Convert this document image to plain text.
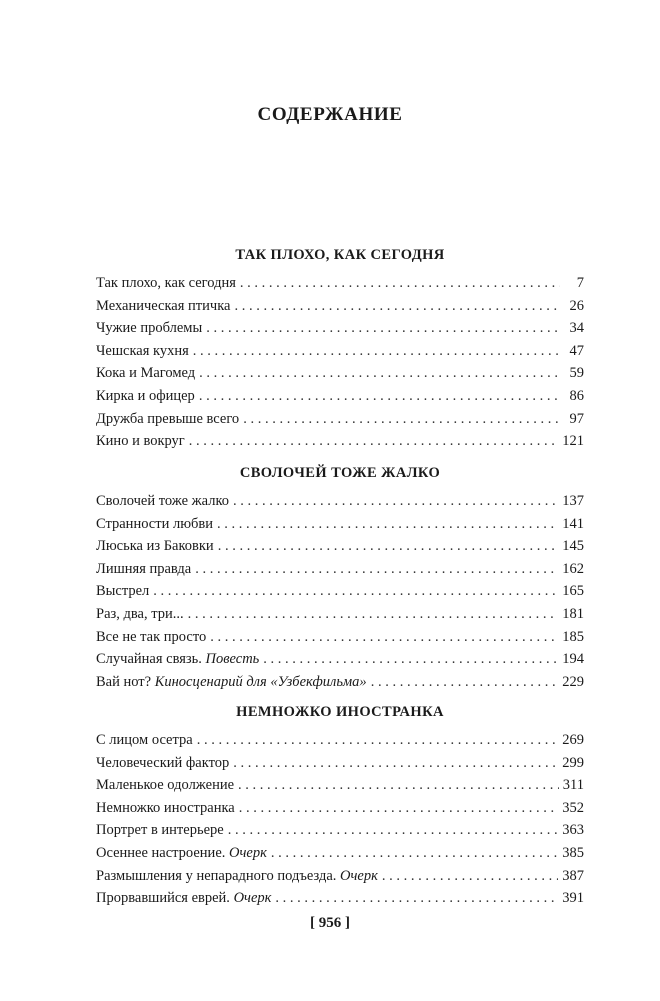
СОДЕРЖАНИЕ
ТАК ПЛОХО, КАК СЕГОДНЯ
Так плохо, как сегодня . . .	7
Механическая птичка . . .	26
Чужие проблемы . . .	34
Чешская кухня . . .	47
Кока и Магомед . . .	59
Кирка и офицер . . .	86
Дружба превыше всего . . .	97
Кино и вокруг . . .	121
СВОЛОЧЕЙ ТОЖЕ ЖАЛКО
Сволочей тоже жалко . . .	137
Странности любви . . .	141
Люська из Баковки . . .	145
Лишняя правда . . .	162
Выстрел . . .	165
Раз, два, три... . . .	181
Все не так просто . . .	185
Случайная связь. Повесть . . .	194
Вай нот? Киносценарий для «Узбекфильма» . . .	229
НЕМНОЖКО ИНОСТРАНКА
С лицом осетра . . .	269
Человеческий фактор . . .	299
Маленькое одолжение . . .	311
Немножко иностранка . . .	352
Портрет в интерьере . . .	363
Осеннее настроение. Очерк . . .	385
Размышления у непарадного подъезда. Очерк . . .	387
Прорвавшийся еврей. Очерк . . .	391
[ 956 ]
